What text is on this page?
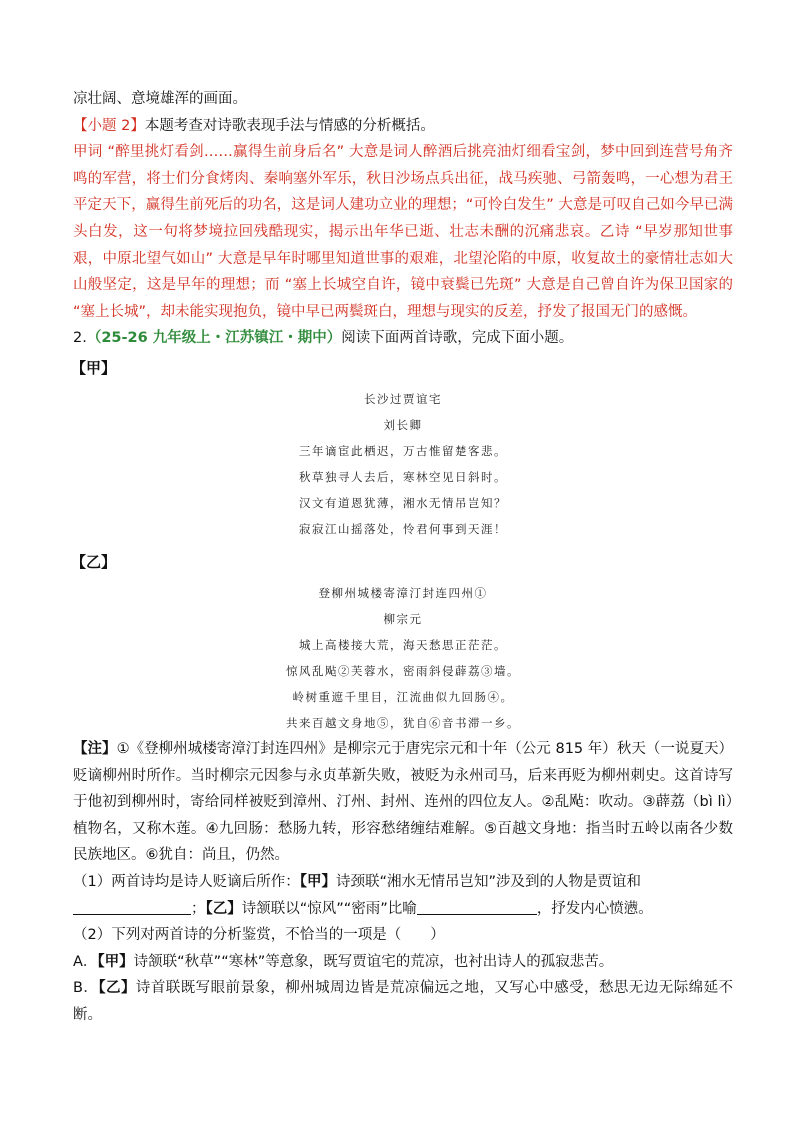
凉壮阔、意境雄浑的画面。

【小题 2】本题考查对诗歌表现手法与情感的分析概括。

甲词 “醉里挑灯看剑……赢得生前身后名” 大意是词人醉酒后挑亮油灯细看宝剑，梦中回到连营号角齐鸣的军营，将士们分食烤肉、秦响塞外军乐，秋日沙场点兵出征，战马疾驰、弓箭轰鸣，一心想为君王平定天下，赢得生前死后的功名，这是词人建功立业的理想；“可怜白发生” 大意是可叹自己如今早已满头白发，这一句将梦境拉回残酷现实，揭示出年华已逝、壮志未酬的沉痛悲哀。乙诗 “早岁那知世事艰，中原北望气如山” 大意是早年时哪里知道世事的艰难，北望沦陷的中原，收复故土的豪情壮志如大山般坚定，这是早年的理想；而 “塞上长城空自许，镜中衰鬓已先斑” 大意是自己曾自许为保卫国家的 “塞上长城”，却未能实现抱负，镜中早已两鬓斑白，理想与现实的反差，抒发了报国无门的感慨。

2.（25-26 九年级上・江苏镇江・期中）阅读下面两首诗歌，完成下面小题。

【甲】

长沙过贾谊宅

刘长卿

三年谪宦此栖迟，万古惟留楚客悲。

秋草独寻人去后，寒林空见日斜时。

汉文有道恩犹薄，湘水无情吊岂知？

寂寂江山摇落处，怜君何事到天涯！

【乙】

登柳州城楼寄漳汀封连四州①

柳宗元

城上高楼接大荒，海天愁思正茫茫。

惊风乱飐②芙蓉水，密雨斜侵薜荔③墙。

岭树重遮千里目，江流曲似九回肠④。

共来百越文身地⑤，犹自⑥音书滞一乡。

【注】①《登柳州城楼寄漳汀封连四州》是柳宗元于唐宪宗元和十年（公元 815 年）秋天（一说夏天）贬谪柳州时所作。当时柳宗元因参与永贞革新失败，被贬为永州司马，后来再贬为柳州刺史。这首诗写于他初到柳州时，寄给同样被贬到漳州、汀州、封州、连州的四位友人。②乱飐：吹动。③薜荔（bì lì）植物名，又称木莲。④九回肠：愁肠九转，形容愁绪缠结难解。⑤百越文身地：指当时五岭以南各少数民族地区。⑥犹自：尚且，仍然。

（1）两首诗均是诗人贬谪后所作：【甲】诗颈联“湘水无情吊岂知”涉及到的人物是贾谊和
；【乙】诗颔联以“惊风”“密雨”比喻	，抒发内心愤懑。

（2）下列对两首诗的分析鉴赏，不恰当的一项是（　　）

A．【甲】诗颔联“秋草”“寒林”等意象，既写贾谊宅的荒凉，也衬出诗人的孤寂悲苦。

B．【乙】诗首联既写眼前景象，柳州城周边皆是荒凉偏远之地，又写心中感受，愁思无边无际绵延不断。
